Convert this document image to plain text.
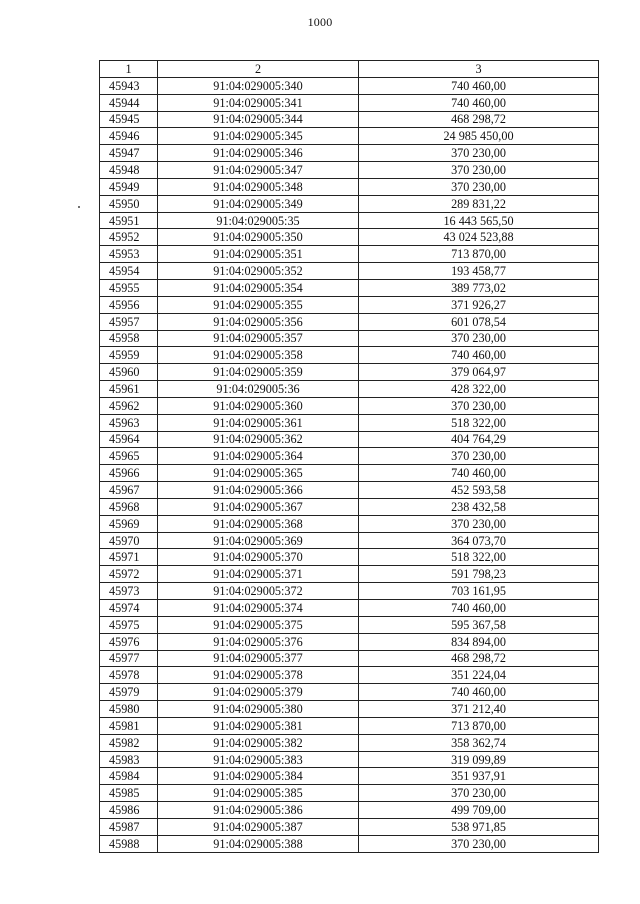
1000
1	2	3
45943	91:04:029005:340	740 460,00
45944	91:04:029005:341	740 460,00
45945	91:04:029005:344	468 298,72
45946	91:04:029005:345	24 985 450,00
45947	91:04:029005:346	370 230,00
45948	91:04:029005:347	370 230,00
45949	91:04:029005:348	370 230,00
45950	91:04:029005:349	289 831,22
45951	91:04:029005:35	16 443 565,50
45952	91:04:029005:350	43 024 523,88
45953	91:04:029005:351	713 870,00
45954	91:04:029005:352	193 458,77
45955	91:04:029005:354	389 773,02
45956	91:04:029005:355	371 926,27
45957	91:04:029005:356	601 078,54
45958	91:04:029005:357	370 230,00
45959	91:04:029005:358	740 460,00
45960	91:04:029005:359	379 064,97
45961	91:04:029005:36	428 322,00
45962	91:04:029005:360	370 230,00
45963	91:04:029005:361	518 322,00
45964	91:04:029005:362	404 764,29
45965	91:04:029005:364	370 230,00
45966	91:04:029005:365	740 460,00
45967	91:04:029005:366	452 593,58
45968	91:04:029005:367	238 432,58
45969	91:04:029005:368	370 230,00
45970	91:04:029005:369	364 073,70
45971	91:04:029005:370	518 322,00
45972	91:04:029005:371	591 798,23
45973	91:04:029005:372	703 161,95
45974	91:04:029005:374	740 460,00
45975	91:04:029005:375	595 367,58
45976	91:04:029005:376	834 894,00
45977	91:04:029005:377	468 298,72
45978	91:04:029005:378	351 224,04
45979	91:04:029005:379	740 460,00
45980	91:04:029005:380	371 212,40
45981	91:04:029005:381	713 870,00
45982	91:04:029005:382	358 362,74
45983	91:04:029005:383	319 099,89
45984	91:04:029005:384	351 937,91
45985	91:04:029005:385	370 230,00
45986	91:04:029005:386	499 709,00
45987	91:04:029005:387	538 971,85
45988	91:04:029005:388	370 230,00
